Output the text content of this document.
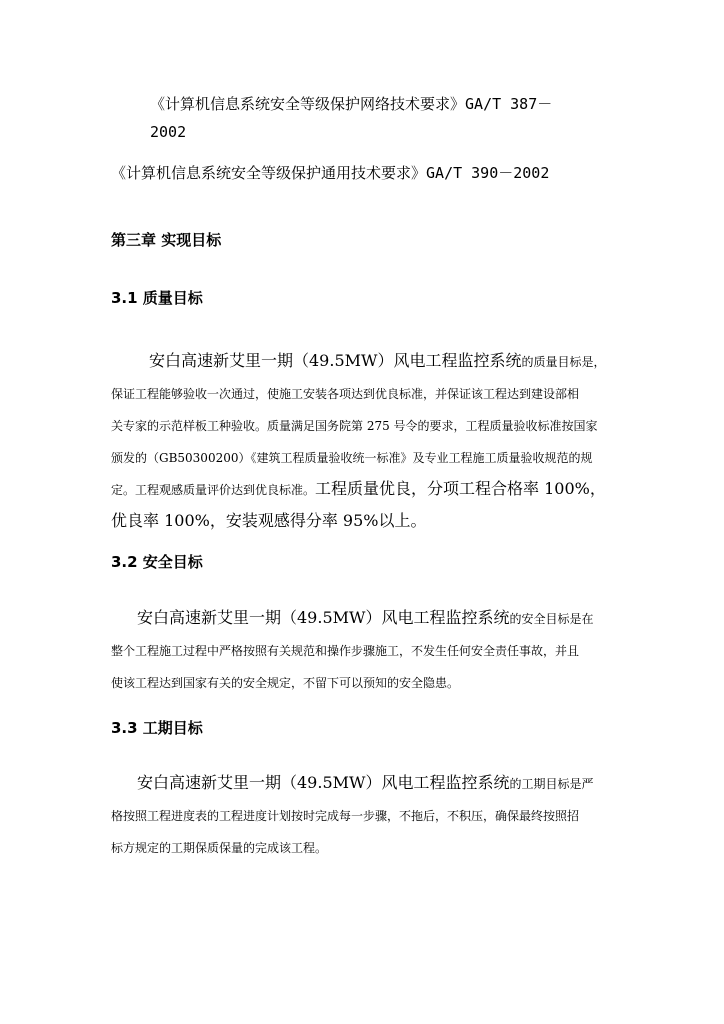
《计算机信息系统安全等级保护网络技术要求》GA/T 387－
2002
《计算机信息系统安全等级保护通用技术要求》GA/T 390－2002
第三章 实现目标
3.1 质量目标
安白高速新艾里一期（49.5MW）风电工程监控系统的质量目标是，
保证工程能够验收一次通过，使施工安装各项达到优良标准，并保证该工程达到建设部相
关专家的示范样板工种验收。质量满足国务院第 275 号令的要求，工程质量验收标准按国家
颁发的（GB50300200）《建筑工程质量验收统一标准》及专业工程施工质量验收规范的规
定。工程观感质量评价达到优良标准。工程质量优良，分项工程合格率 100%，
优良率 100%，安装观感得分率 95%以上。
3.2 安全目标
安白高速新艾里一期（49.5MW）风电工程监控系统的安全目标是在
整个工程施工过程中严格按照有关规范和操作步骤施工，不发生任何安全责任事故，并且
使该工程达到国家有关的安全规定，不留下可以预知的安全隐患。
3.3 工期目标
安白高速新艾里一期（49.5MW）风电工程监控系统的工期目标是严
格按照工程进度表的工程进度计划按时完成每一步骤，不拖后，不积压，确保最终按照招
标方规定的工期保质保量的完成该工程。
